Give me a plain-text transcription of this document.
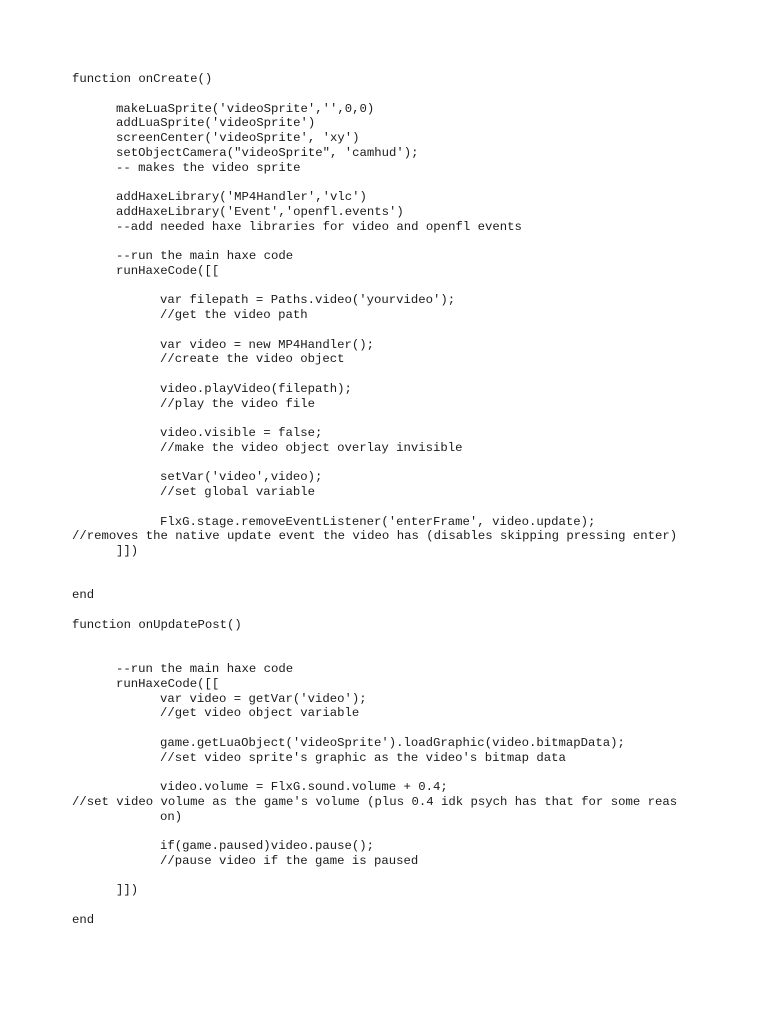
function onCreate()
makeLuaSprite('videoSprite','',0,0)
addLuaSprite('videoSprite')
screenCenter('videoSprite', 'xy')
setObjectCamera("videoSprite", 'camhud');
-- makes the video sprite
addHaxeLibrary('MP4Handler','vlc')
addHaxeLibrary('Event','openfl.events')
--add needed haxe libraries for video and openfl events
--run the main haxe code
runHaxeCode([[
var filepath = Paths.video('yourvideo');
//get the video path
var video = new MP4Handler();
//create the video object
video.playVideo(filepath);
//play the video file
video.visible = false;
//make the video object overlay invisible
setVar('video',video);
//set global variable
FlxG.stage.removeEventListener('enterFrame', video.update);
//removes the native update event the video has (disables skipping pressing enter)
]])
end
function onUpdatePost()
--run the main haxe code
runHaxeCode([[
var video = getVar('video');
//get video object variable
game.getLuaObject('videoSprite').loadGraphic(video.bitmapData);
//set video sprite's graphic as the video's bitmap data
video.volume = FlxG.sound.volume + 0.4;
//set video volume as the game's volume (plus 0.4 idk psych has that for some reason)
if(game.paused)video.pause();
//pause video if the game is paused
]])
end
